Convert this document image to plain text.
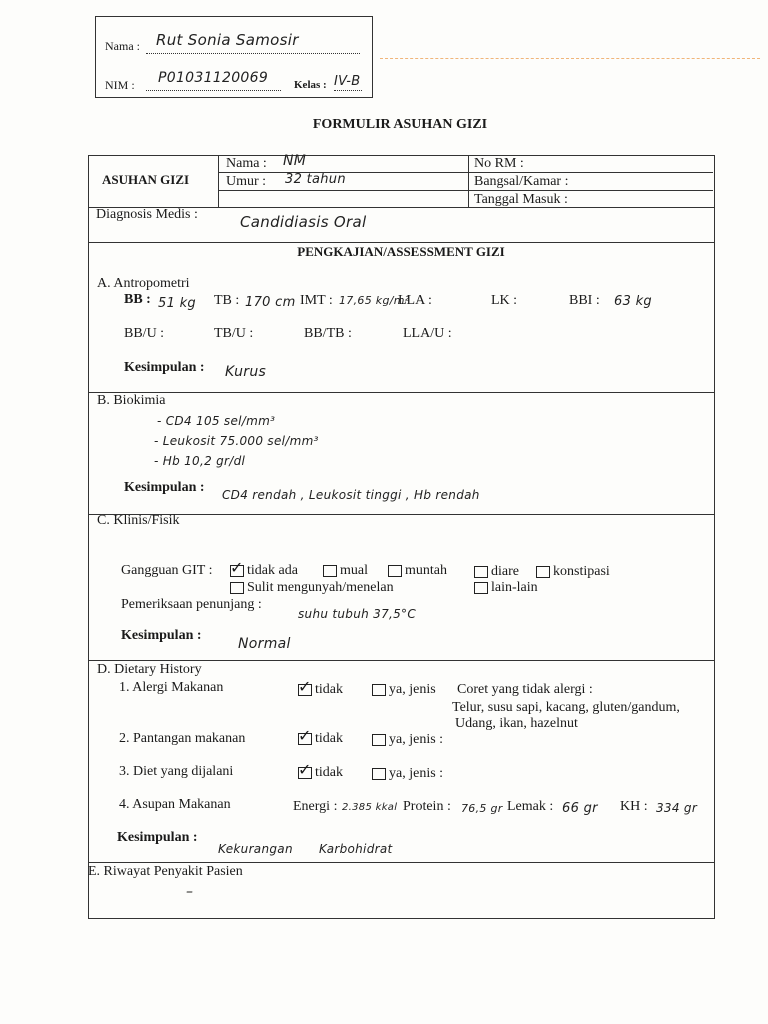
Nama : Rut Sonia Samosir
NIM : P01031120069 Kelas : IV-B
FORMULIR ASUHAN GIZI
ASUHAN GIZI
Nama : NM
Umur : 32 tahun
No RM :
Bangsal/Kamar :
Tanggal Masuk :
Diagnosis Medis :	Candidiasis Oral
PENGKAJIAN/ASSESSMENT GIZI
A. Antropometri
BB : 51 kg TB : 170 cm IMT : 17,65 kg/m²
LLA :	LK :	BBI : 63 kg
BB/U :	TB/U :	BB/TB :	LLA/U :
Kesimpulan : Kurus
B. Biokimia
- CD4 105 sel/mm³
- Leukosit 75.000 sel/mm³
- Hb 10,2 gr/dl
Kesimpulan : CD4 rendah , Leukosit tinggi , Hb rendah
C. Klinis/Fisik
Gangguan GIT : ✓ tidak ada	mual	muntah	diare	konstipasi
Sulit mengunyah/menelan	lain-lain
Pemeriksaan penunjang :
suhu tubuh 37,5°C
Kesimpulan :
Normal
D. Dietary History
1. Alergi Makanan	✓ tidak	ya, jenis Coret yang tidak alergi :
Telur, susu sapi, kacang, gluten/gandum,
Udang, ikan, hazelnut
2. Pantangan makanan	✓ tidak	ya, jenis :
3. Diet yang dijalani	✓ tidak	ya, jenis :
4. Asupan Makanan	Energi : 2.385 kkal Protein : 76,5 gr Lemak : 66 gr KH : 334 gr
Kesimpulan :
Kekurangan Karbohidrat
E. Riwayat Penyakit Pasien
–
